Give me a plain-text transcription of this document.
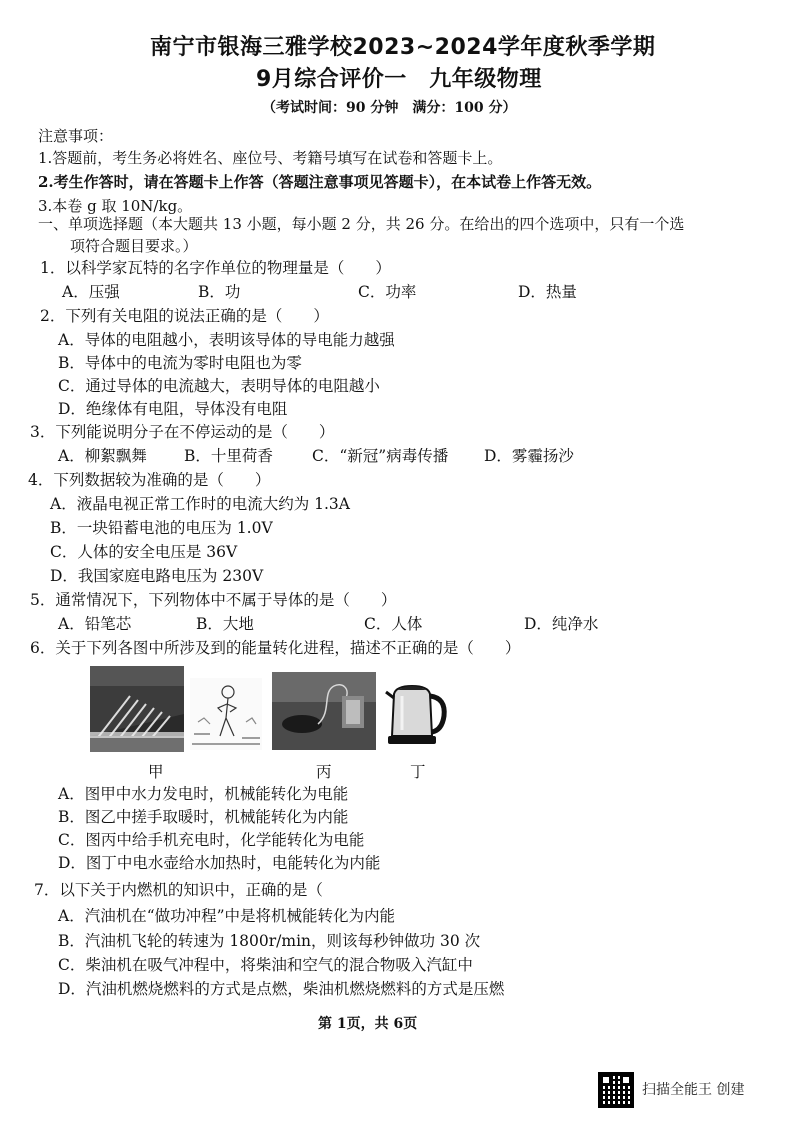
南宁市银海三雅学校2023~2024学年度秋季学期
9月综合评价一　九年级物理
（考试时间：90 分钟　满分：100 分）
注意事项：
1.答题前，考生务必将姓名、座位号、考籍号填写在试卷和答题卡上。
2.考生作答时，请在答题卡上作答（答题注意事项见答题卡），在本试卷上作答无效。
3.本卷 g 取 10N/kg。
一、单项选择题（本大题共 13 小题，每小题 2 分，共 26 分。在给出的四个选项中，只有一个选
项符合题目要求。）
1．以科学家瓦特的名字作单位的物理量是（　　）
A．压强	B．功	C．功率	D．热量
2．下列有关电阻的说法正确的是（　　）
A．导体的电阻越小，表明该导体的导电能力越强
B．导体中的电流为零时电阻也为零
C．通过导体的电流越大，表明导体的电阻越小
D．绝缘体有电阻，导体没有电阻
3．下列能说明分子在不停运动的是（　　）
A．柳絮飘舞 B．十里荷香	C．“新冠”病毒传播 D．雾霾扬沙
4．下列数据较为准确的是（　　）
A．液晶电视正常工作时的电流大约为 1.3A
B．一块铅蓄电池的电压为 1.0V
C．人体的安全电压是 36V
D．我国家庭电路电压为 230V
5．通常情况下，下列物体中不属于导体的是（　　）
A．铅笔芯	B．大地	C．人体	D．纯净水
6．关于下列各图中所涉及到的能量转化进程，描述不正确的是（　　）
甲	丙	丁
A．图甲中水力发电时，机械能转化为电能
B．图乙中搓手取暖时，机械能转化为内能
C．图丙中给手机充电时，化学能转化为电能
D．图丁中电水壶给水加热时，电能转化为内能
7．以下关于内燃机的知识中，正确的是（
A．汽油机在“做功冲程”中是将机械能转化为内能
B．汽油机飞轮的转速为 1800r/min，则该每秒钟做功 30 次
C．柴油机在吸气冲程中，将柴油和空气的混合物吸入汽缸中
D．汽油机燃烧燃料的方式是点燃，柴油机燃烧燃料的方式是压燃
第 1页，共 6页
扫描全能王 创建
